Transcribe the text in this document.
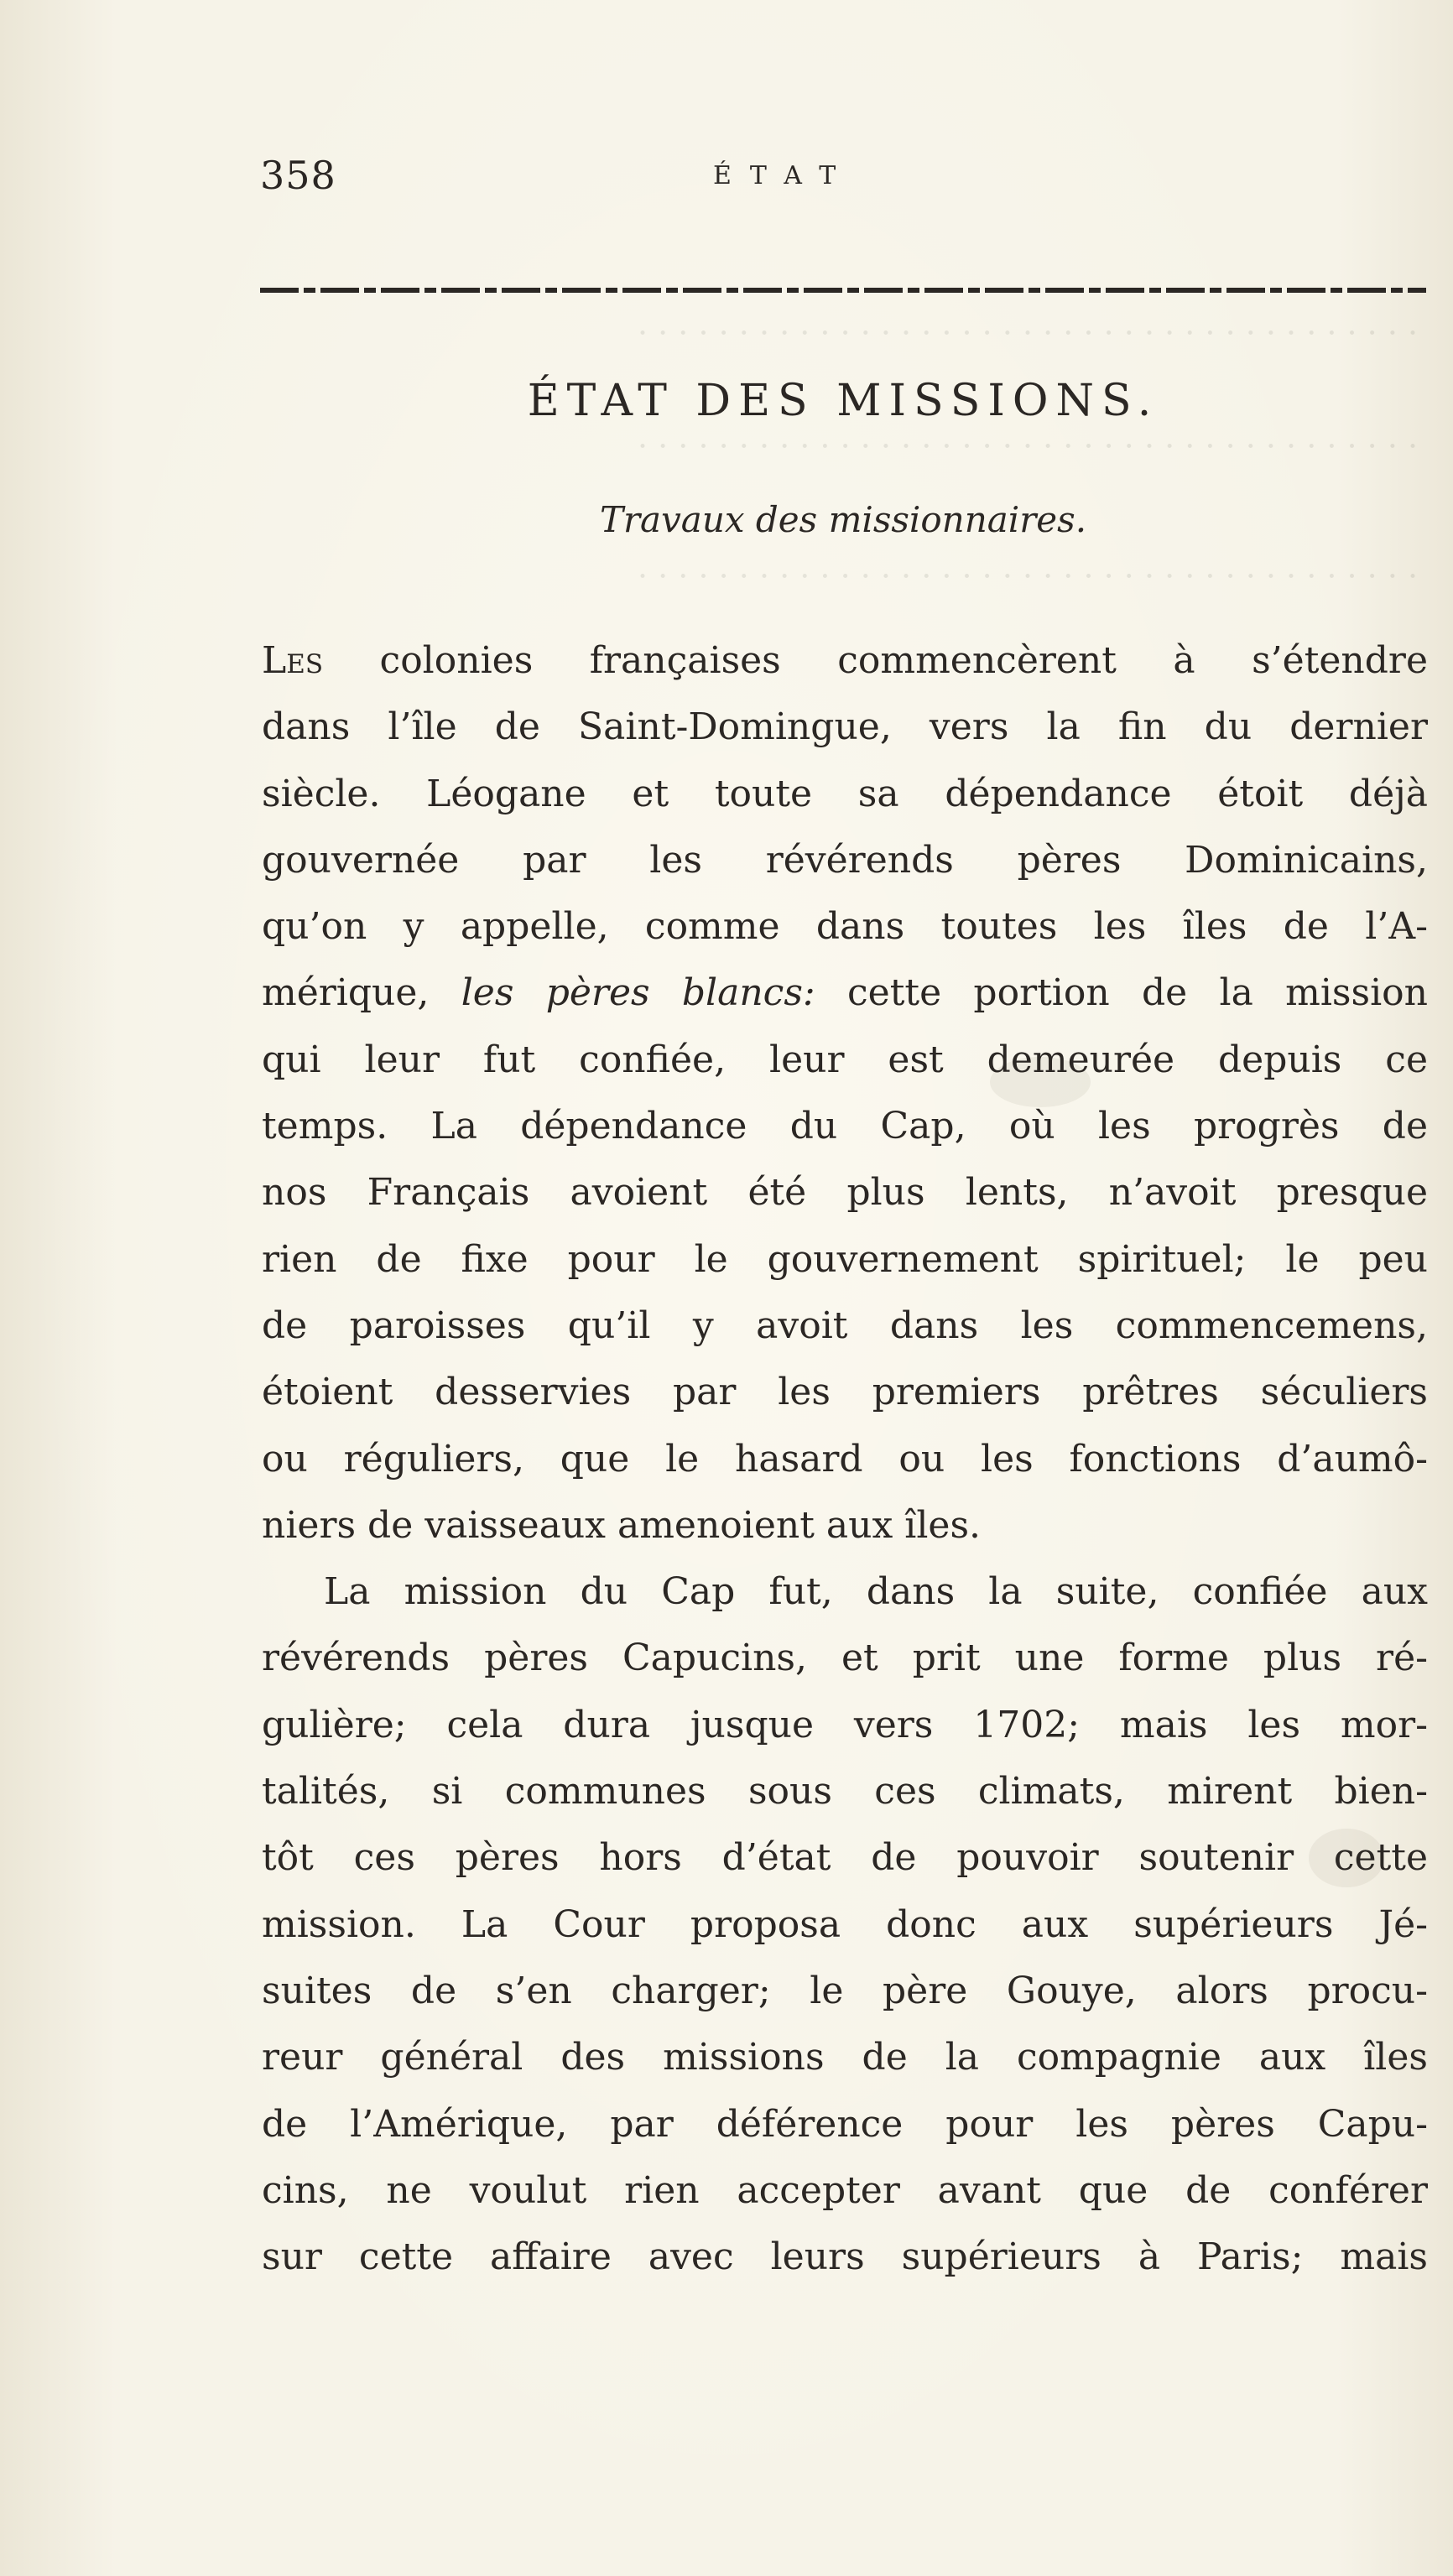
358	ÉTAT
· · · · · · · · · · · · · · · · · · · · · · · · · · · · · · · · · · · · · · ·
· · · · · · · · · · · · · · · · · · · · · · · · · · · · · · · · · · · · · · ·
· · · · · · · · · · · · · · · · · · · · · · · · · · · · · · · · · · · · · · ·
ÉTAT DES MISSIONS.
Travaux des missionnaires.
Les colonies françaises commencèrent à s’étendre
dans l’île de Saint-Domingue, vers la fin du dernier
siècle. Léogane et toute sa dépendance étoit déjà
gouvernée par les révérends pères Dominicains,
qu’on y appelle, comme dans toutes les îles de l’A-
mérique, les pères blancs: cette portion de la mission
qui leur fut confiée, leur est demeurée depuis ce
temps. La dépendance du Cap, où les progrès de
nos Français avoient été plus lents, n’avoit presque
rien de fixe pour le gouvernement spirituel; le peu
de paroisses qu’il y avoit dans les commencemens,
étoient desservies par les premiers prêtres séculiers
ou réguliers, que le hasard ou les fonctions d’aumô-
niers de vaisseaux amenoient aux îles.
La mission du Cap fut, dans la suite, confiée aux
révérends pères Capucins, et prit une forme plus ré-
gulière; cela dura jusque vers 1702; mais les mor-
talités, si communes sous ces climats, mirent bien-
tôt ces pères hors d’état de pouvoir soutenir cette
mission. La Cour proposa donc aux supérieurs Jé-
suites de s’en charger; le père Gouye, alors procu-
reur général des missions de la compagnie aux îles
de l’Amérique, par déférence pour les pères Capu-
cins, ne voulut rien accepter avant que de conférer
sur cette affaire avec leurs supérieurs à Paris; mais
